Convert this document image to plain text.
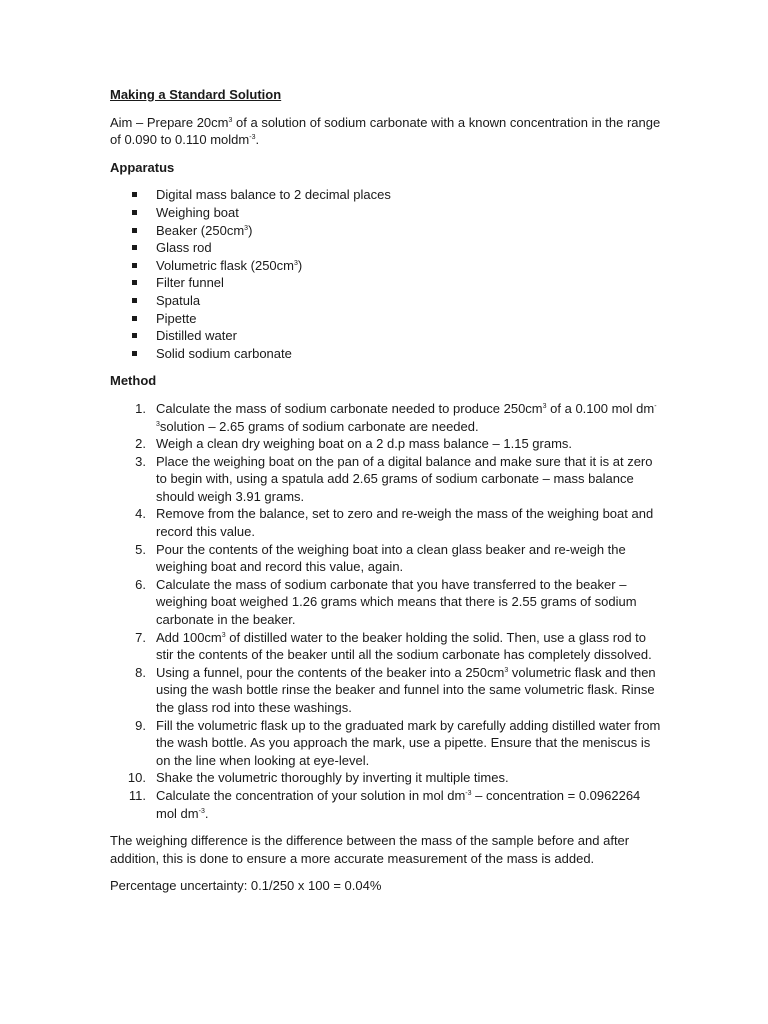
Making a Standard Solution

Aim – Prepare $20cm^3$ of a solution of sodium carbonate with a known concentration in the range of 0.090 to 0.110 moldm$^{-3}$.

Apparatus
Digital mass balance to 2 decimal places
Weighing boat
Beaker $(250cm^3)$
Glass rod
Volumetric flask $(250cm^3)$
Filter funnel
Spatula
Pipette
Distilled water
Solid sodium carbonate
Method
1. Calculate the mass of sodium carbonate needed to produce $250cm^3$ of a 0.100 mol $dm^{-3}solution - 2.65$ grams of sodium carbonate are needed.
2. Weigh a clean dry weighing boat on a 2 d.p mass balance – 1.15 grams.
3. Place the weighing boat on the pan of a digital balance and make sure that it is at zero to begin with, using a spatula add 2.65 grams of sodium carbonate – mass balance should weigh 3.91 grams.
4. Remove from the balance, set to zero and re-weigh the mass of the weighing boat and record this value.
5. Pour the contents of the weighing boat into a clean glass beaker and re-weigh the weighing boat and record this value, again.
6. Calculate the mass of sodium carbonate that you have transferred to the beaker – weighing boat weighed 1.26 grams which means that there is 2.55 grams of sodium carbonate in the beaker.
7. Add $100cm^3$ of distilled water to the beaker holding the solid. Then, use a glass rod to stir the contents of the beaker until all the sodium carbonate has completely dissolved.
8. Using a funnel, pour the contents of the beaker into a $250cm^3$ volumetric flask and then using the wash bottle rinse the beaker and funnel into the same volumetric flask. Rinse the glass rod into these washings.
9. Fill the volumetric flask up to the graduated mark by carefully adding distilled water from the wash bottle. As you approach the mark, use a pipette. Ensure that the meniscus is on the line when looking at eye-level.
10. Shake the volumetric thoroughly by inverting it multiple times.
11. Calculate the concentration of your solution in mol $dm^{-3}$ – concentration = 0.0962264 mol $dm^{-3}$.

The weighing difference is the difference between the mass of the sample before and after addition, this is done to ensure a more accurate measurement of the mass is added.

Percentage uncertainty: 0.1/250 x 100 = 0.04%
